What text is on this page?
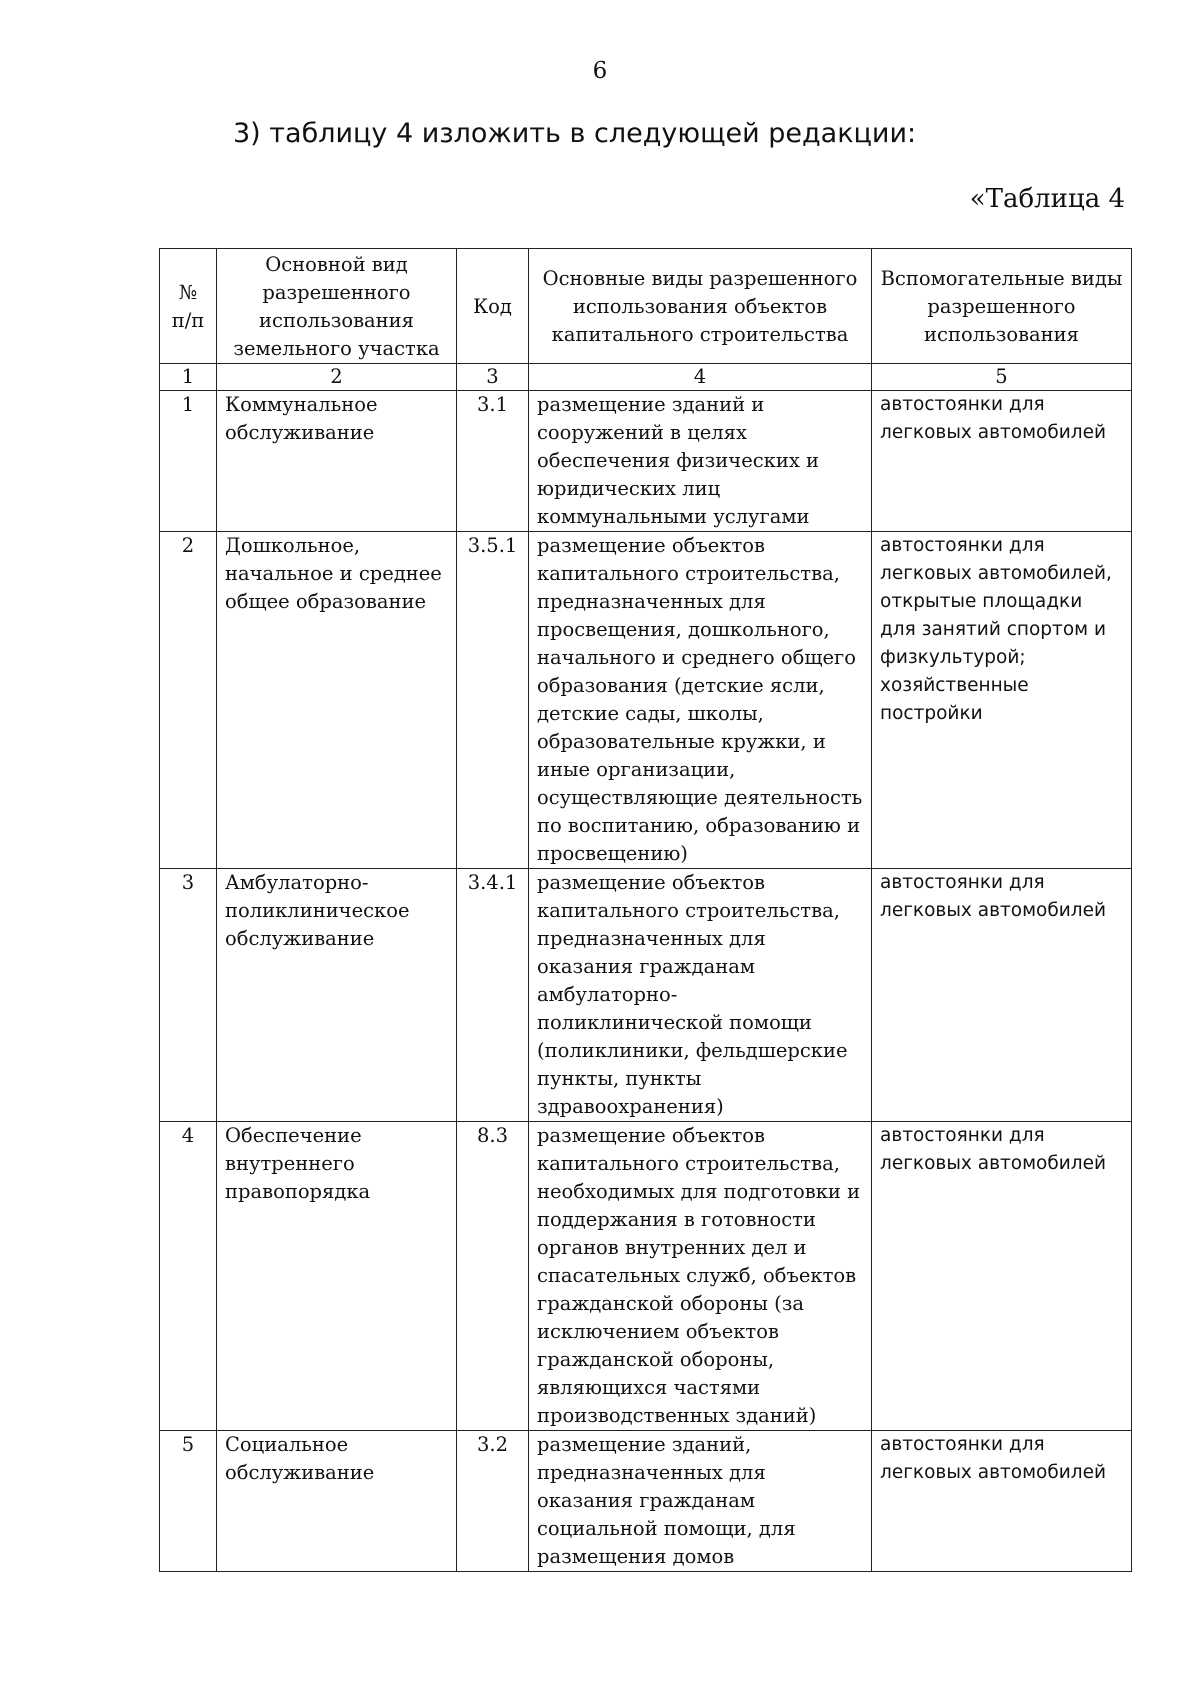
6
3) таблицу 4 изложить в следующей редакции:
«Таблица 4
№ п/п	Основной вид разрешенного использования земельного участка	Код	Основные виды разрешенного использования объектов капитального строительства	Вспомогательные виды разрешенного использования
1	2	3	4	5
1	Коммунальное обслуживание	3.1	размещение зданий и сооружений в целях обеспечения физических и юридических лиц коммунальными услугами	автостоянки для легковых автомобилей
2	Дошкольное, начальное и среднее общее образование	3.5.1	размещение объектов капитального строительства, предназначенных для просвещения, дошкольного, начального и среднего общего образования (детские ясли, детские сады, школы, образовательные кружки, и иные организации, осуществляющие деятельность по воспитанию, образованию и просвещению)	автостоянки для легковых автомобилей, открытые площадки для занятий спортом и физкультурой; хозяйственные постройки
3	Амбулаторно-поликлиническое обслуживание	3.4.1	размещение объектов капитального строительства, предназначенных для оказания гражданам амбулаторно-поликлинической помощи (поликлиники, фельдшерские пункты, пункты здравоохранения)	автостоянки для легковых автомобилей
4	Обеспечение внутреннего правопорядка	8.3	размещение объектов капитального строительства, необходимых для подготовки и поддержания в готовности органов внутренних дел и спасательных служб, объектов гражданской обороны (за исключением объектов гражданской обороны, являющихся частями производственных зданий)	автостоянки для легковых автомобилей
5	Социальное обслуживание	3.2	размещение зданий, предназначенных для оказания гражданам социальной помощи, для размещения домов	автостоянки для легковых автомобилей
